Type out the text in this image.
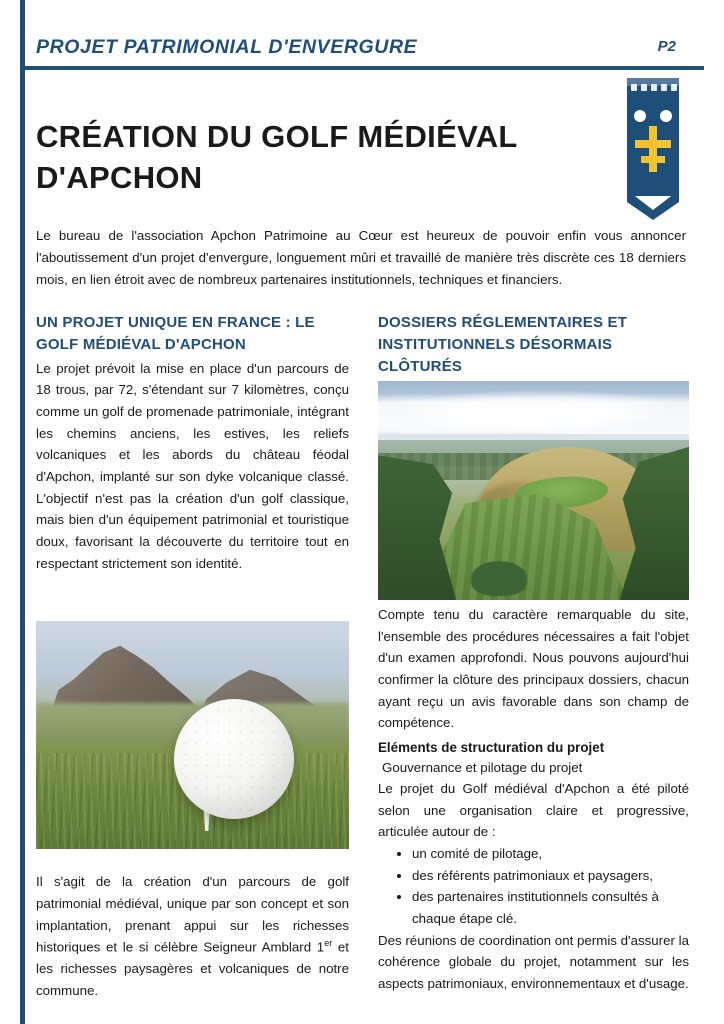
PROJET PATRIMONIAL D'ENVERGURE	P2
CRÉATION DU GOLF MÉDIÉVAL D'APCHON

Le bureau de l'association Apchon Patrimoine au Cœur est heureux de pouvoir enfin vous annoncer l'aboutissement d'un projet d'envergure, longuement mûri et travaillé de manière très discrète ces 18 derniers mois, en lien étroit avec de nombreux partenaires institutionnels, techniques et financiers.

UN PROJET UNIQUE EN FRANCE : LE GOLF MÉDIÉVAL D'APCHON

Le projet prévoit la mise en place d'un parcours de 18 trous, par 72, s'étendant sur 7 kilomètres, conçu comme un golf de promenade patrimoniale, intégrant les chemins anciens, les estives, les reliefs volcaniques et les abords du château féodal d'Apchon, implanté sur son dyke volcanique classé. L'objectif n'est pas la création d'un golf classique, mais bien d'un équipement patrimonial et touristique doux, favorisant la découverte du territoire tout en respectant strictement son identité.

Il s'agit de la création d'un parcours de golf patrimonial médiéval, unique par son concept et son implantation, prenant appui sur les richesses historiques et le si célèbre Seigneur Amblard 1er et les richesses paysagères et volcaniques de notre commune.

DOSSIERS RÉGLEMENTAIRES ET INSTITUTIONNELS DÉSORMAIS CLÔTURÉS

Compte tenu du caractère remarquable du site, l'ensemble des procédures nécessaires a fait l'objet d'un examen approfondi. Nous pouvons aujourd'hui confirmer la clôture des principaux dossiers, chacun ayant reçu un avis favorable dans son champ de compétence.

Eléments de structuration du projet

Gouvernance et pilotage du projet

Le projet du Golf médiéval d'Apchon a été piloté selon une organisation claire et progressive, articulée autour de :

• un comité de pilotage,
• des référents patrimoniaux et paysagers,
• des partenaires institutionnels consultés à chaque étape clé.

Des réunions de coordination ont permis d'assurer la cohérence globale du projet, notamment sur les aspects patrimoniaux, environnementaux et d'usage.
